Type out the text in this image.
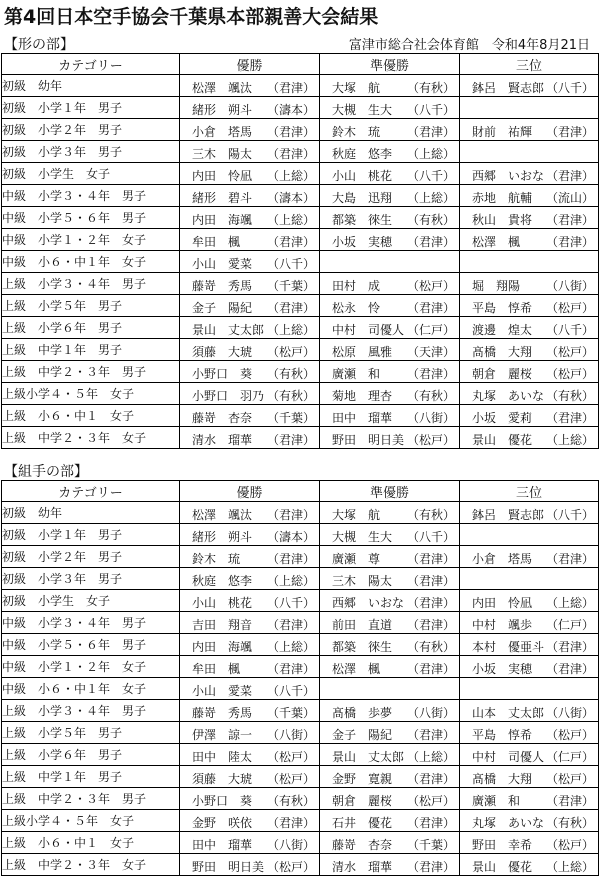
第4回日本空手協会千葉県本部親善大会結果
【形の部】	富津市総合社会体育館　令和4年8月21日
カテゴリー	優勝	準優勝	三位
初級　幼年	松澤　颯汰 （君津）	大塚　航 （有秋）	鉢呂　賢志郎 （八千）

初級　小学１年　男子	緒形　朔斗 （濤本）	大槻　生大 （八千）	

初級　小学２年　男子	小倉　塔馬 （君津）	鈴木　琉 （君津）	財前　祐輝 （君津）

初級　小学３年　男子	三木　陽太 （君津）	秋庭　悠李 （上総）	

初級　小学生　女子	内田　怜凪 （上総）	小山　桃花 （八千）	西郷　いおな （君津）

中級　小学３・４年　男子	緒形　碧斗 （濤本）	大島　迅翔 （上総）	赤地　航輔 （流山）

中級　小学５・６年　男子	内田　海颯 （上総）	都築　徠生 （有秋）	秋山　貴将 （君津）

中級　小学１・２年　女子	牟田　楓 （君津）	小坂　実穂 （君津）	松澤　楓 （君津）

中級　小６・中１年　女子	小山　愛菜 （八千）		

上級　小学３・４年　男子	藤嵜　秀馬 （千葉）	田村　成 （松戸）	堀　翔陽 （八街）

上級　小学５年　男子	金子　陽紀 （君津）	松永　怜 （君津）	平島　惇希 （松戸）

上級　小学６年　男子	景山　丈太郎 （上総）	中村　司優人 （仁戸）	渡邊　煌太 （八千）

上級　中学１年　男子	須藤　大琥 （松戸）	松原　風雅 （天津）	髙橋　大翔 （松戸）

上級　中学２・３年　男子	小野口　葵 （有秋）	廣瀬　和 （君津）	朝倉　麗桜 （松戸）

上級小学４・５年　女子	小野口　羽乃 （有秋）	菊地　理杏 （有秋）	丸塚　あいな （有秋）

上級　小６・中１　女子	藤嵜　杏奈 （千葉）	田中　瑠華 （八街）	小坂　愛莉 （君津）

上級　中学２・３年　女子	清水　瑠華 （君津）	野田　明日美 （松戸）	景山　優花 （上総）
【組手の部】
カテゴリー	優勝	準優勝	三位
初級　幼年	松澤　颯汰 （君津）	大塚　航 （有秋）	鉢呂　賢志郎 （八千）

初級　小学１年　男子	緒形　朔斗 （濤本）	大槻　生大 （八千）	

初級　小学２年　男子	鈴木　琉 （君津）	廣瀬　尊 （君津）	小倉　塔馬 （君津）

初級　小学３年　男子	秋庭　悠李 （上総）	三木　陽太 （君津）	

初級　小学生　女子	小山　桃花 （八千）	西郷　いおな （君津）	内田　怜凪 （上総）

中級　小学３・４年　男子	吉田　翔音 （君津）	前田　直道 （君津）	中村　颯歩 （仁戸）

中級　小学５・６年　男子	内田　海颯 （上総）	都築　徠生 （有秋）	本村　優亜斗 （君津）

中級　小学１・２年　女子	牟田　楓 （君津）	松澤　楓 （君津）	小坂　実穂 （君津）

中級　小６・中１年　女子	小山　愛菜 （八千）		

上級　小学３・４年　男子	藤嵜　秀馬 （千葉）	髙橋　歩夢 （八街）	山本　丈太郎 （八街）

上級　小学５年　男子	伊澤　諒一 （八街）	金子　陽紀 （君津）	平島　惇希 （松戸）

上級　小学６年　男子	田中　陸太 （松戸）	景山　丈太郎 （上総）	中村　司優人 （仁戸）

上級　中学１年　男子	須藤　大琥 （松戸）	金野　寛親 （君津）	髙橋　大翔 （松戸）

上級　中学２・３年　男子	小野口　葵 （有秋）	朝倉　麗桜 （松戸）	廣瀬　和 （君津）

上級小学４・５年　女子	金野　咲依 （君津）	石井　優花 （君津）	丸塚　あいな （有秋）

上級　小６・中１　女子	田中　瑠華 （八街）	藤嵜　杏奈 （千葉）	野田　幸希 （松戸）

上級　中学２・３年　女子	野田　明日美 （松戸）	清水　瑠華 （君津）	景山　優花 （上総）
